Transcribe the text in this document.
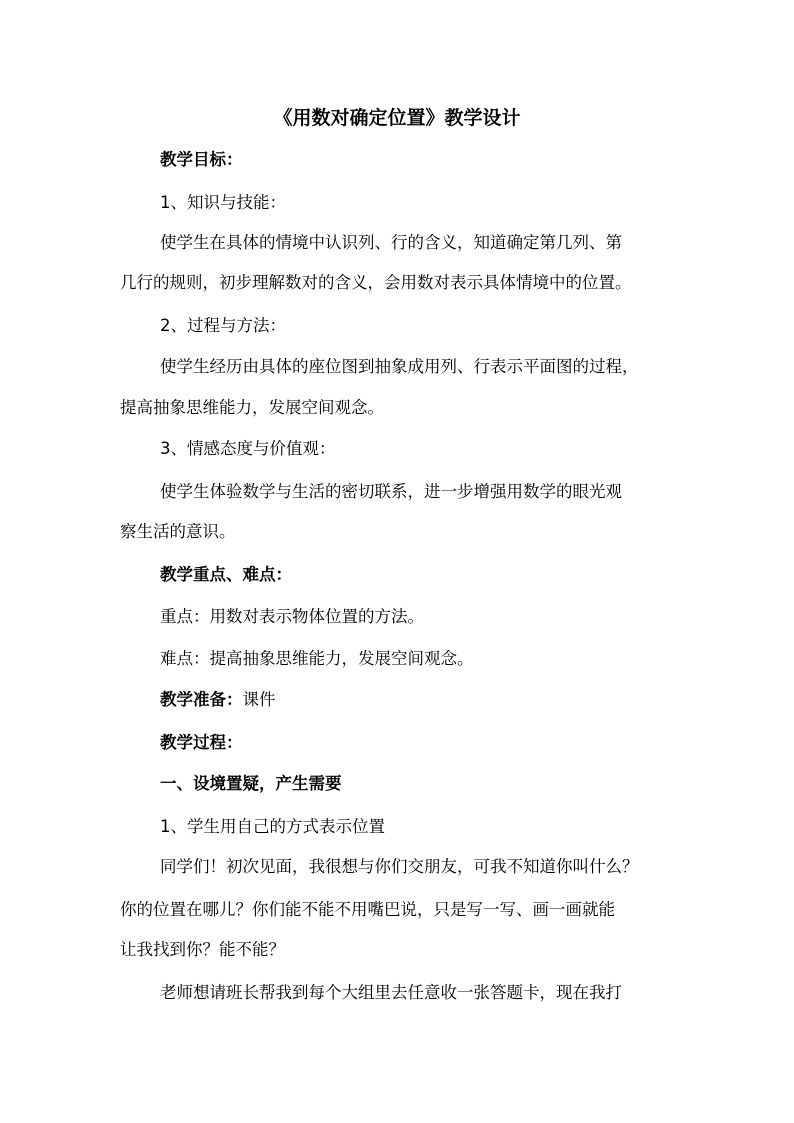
《用数对确定位置》教学设计
教学目标：
1、知识与技能：
使学生在具体的情境中认识列、行的含义，知道确定第几列、第
几行的规则，初步理解数对的含义，会用数对表示具体情境中的位置。
2、过程与方法：
使学生经历由具体的座位图到抽象成用列、行表示平面图的过程，
提高抽象思维能力，发展空间观念。
3、情感态度与价值观：
使学生体验数学与生活的密切联系，进一步增强用数学的眼光观
察生活的意识。
教学重点、难点：
重点：用数对表示物体位置的方法。
难点：提高抽象思维能力，发展空间观念。
教学准备：课件
教学过程：
一、设境置疑，产生需要
1、学生用自己的方式表示位置
同学们！初次见面，我很想与你们交朋友，可我不知道你叫什么？
你的位置在哪儿？你们能不能不用嘴巴说，只是写一写、画一画就能
让我找到你？能不能？
老师想请班长帮我到每个大组里去任意收一张答题卡，现在我打
